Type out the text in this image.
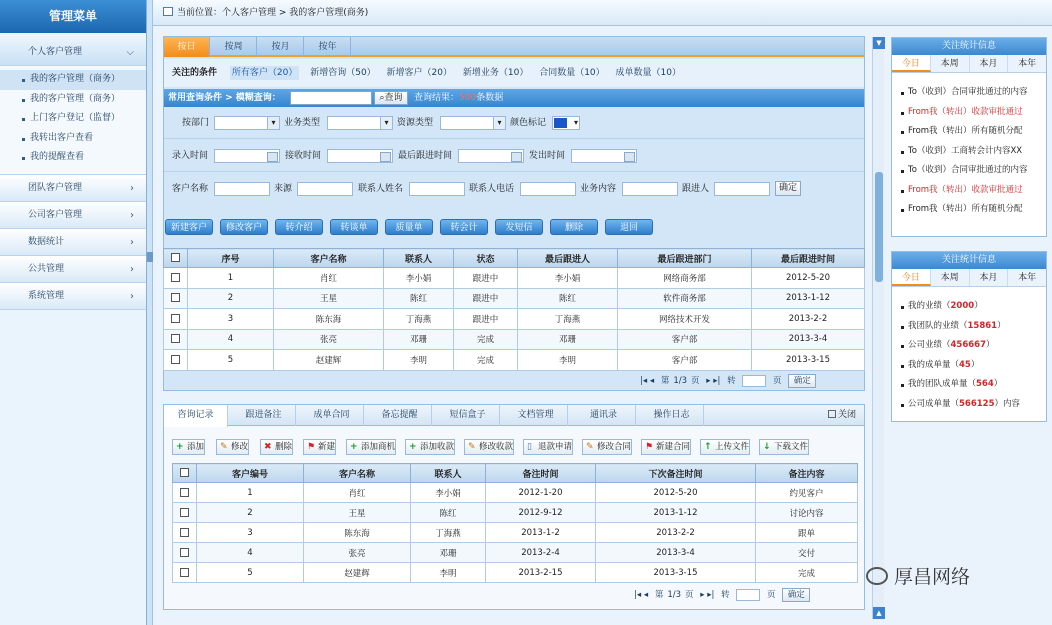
管理菜单
个人客户管理	⌵
我的客户管理（商务）
我的客户管理（商务）
上门客户登记（监督）
我转出客户查看
我的提醒查看
团队客户管理	›
公司客户管理	›
数据统计	›
公共管理	›
系统管理	›
当前位置：个人客户管理 > 我的客户管理(商务)
按日	按周	按月	按年
关注的条件 所有客户（20） 新增咨询（50） 新增客户（20） 新增业务（10） 合同数量（10） 成单数量（10）
常用查询条件 > 模糊查询：	⌕查询	查询结果：500条数据
按部门 ▾	业务类型 ▾	资源类型 ▾	颜色标记	▾
录入时间	接收时间	最后跟进时间	发出时间
客户名称	来源	联系人姓名	联系人电话	业务内容	跟进人	确定
新建客户	修改客户	转介绍	转谈单	质量单	转会计	发短信	删除	退回
	序号	客户名称	联系人	状态	最后跟进人	最后跟进部门	最后跟进时间
	1	肖红	李小娟	跟进中	李小娟	网络商务部	2012-5-20
	2	王星	陈红	跟进中	陈红	软件商务部	2013-1-12
	3	陈东海	丁海燕	跟进中	丁海燕	网络技术开发	2013-2-2
	4	张亮	邓珊	完成	邓珊	客户部	2013-3-4
	5	赵建辉	李明	完成	李明	客户部	2013-3-15
|◂ ◂ 第 1/3 页 ▸ ▸| 转	页 确定
咨询记录	跟进备注	成单合同	备忘提醒	短信盒子	文档管理	通讯录	操作日志	关闭
+ 添加 ✎ 修改 ✖ 删除 ⚑ 新建 + 添加商机 + 添加收款 ✎ 修改收款 ▯ 退款申请 ✎ 修改合同 ⚑ 新建合同 ↑ 上传文件 ↓ 下载文件
	客户编号	客户名称	联系人	备注时间	下次备注时间	备注内容
	1	肖红	李小娟	2012-1-20	2012-5-20	约见客户
	2	王星	陈红	2012-9-12	2013-1-12	讨论内容
	3	陈东海	丁海燕	2013-1-2	2013-2-2	跟单
	4	张亮	邓珊	2013-2-4	2013-3-4	交付
	5	赵建辉	李明	2013-2-15	2013-3-15	完成
|◂ ◂ 第 1/3 页 ▸ ▸| 转	页 确定
▼
▲
关注统计信息
今日	本周	本月	本年
To（收到）合同审批通过的内容
From我（转出）收款审批通过
From我（转出）所有随机分配
To（收到）工商转会计内容XX
To（收到）合同审批通过的内容
From我（转出）收款审批通过
From我（转出）所有随机分配
关注统计信息
今日	本周	本月	本年
我的业绩（2000）
我团队的业绩（15861）
公司业绩（456667）
我的成单量（45）
我的团队成单量（564）
公司成单量（566125）内容
厚昌网络
